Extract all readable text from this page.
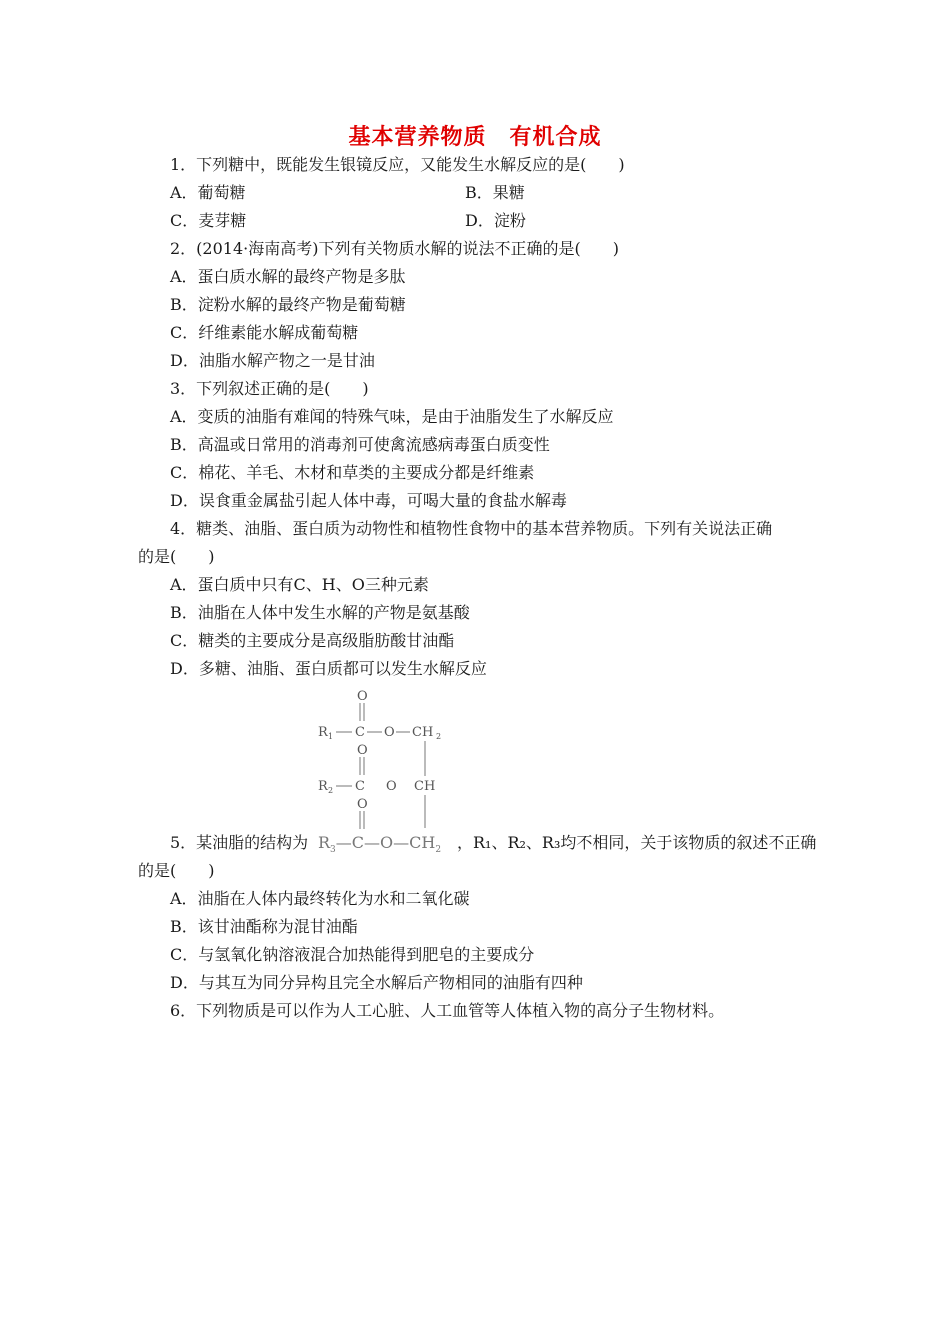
基本营养物质　有机合成
1．下列糖中，既能发生银镜反应，又能发生水解反应的是(　　)
A．葡萄糖	B．果糖
C．麦芽糖	D．淀粉
2．(2014·海南高考)下列有关物质水解的说法不正确的是(　　)
A．蛋白质水解的最终产物是多肽
B．淀粉水解的最终产物是葡萄糖
C．纤维素能水解成葡萄糖
D．油脂水解产物之一是甘油
3．下列叙述正确的是(　　)
A．变质的油脂有难闻的特殊气味，是由于油脂发生了水解反应
B．高温或日常用的消毒剂可使禽流感病毒蛋白质变性
C．棉花、羊毛、木材和草类的主要成分都是纤维素
D．误食重金属盐引起人体中毒，可喝大量的食盐水解毒
4．糖类、油脂、蛋白质为动物性和植物性食物中的基本营养物质。下列有关说法正确
的是(　　)
A．蛋白质中只有C、H、O三种元素
B．油脂在人体中发生水解的产物是氨基酸
C．糖类的主要成分是高级脂肪酸甘油酯
D．多糖、油脂、蛋白质都可以发生水解反应
O
R 1 C O CH 2
O
R 2 C O CH
O
5．某油脂的结构为 $R_3—C—O—CH_2$ ，R₁、R₂、R₃均不相同，关于该物质的叙述不正确
的是(　　)
A．油脂在人体内最终转化为水和二氧化碳
B．该甘油酯称为混甘油酯
C．与氢氧化钠溶液混合加热能得到肥皂的主要成分
D．与其互为同分异构且完全水解后产物相同的油脂有四种
6．下列物质是可以作为人工心脏、人工血管等人体植入物的高分子生物材料。
